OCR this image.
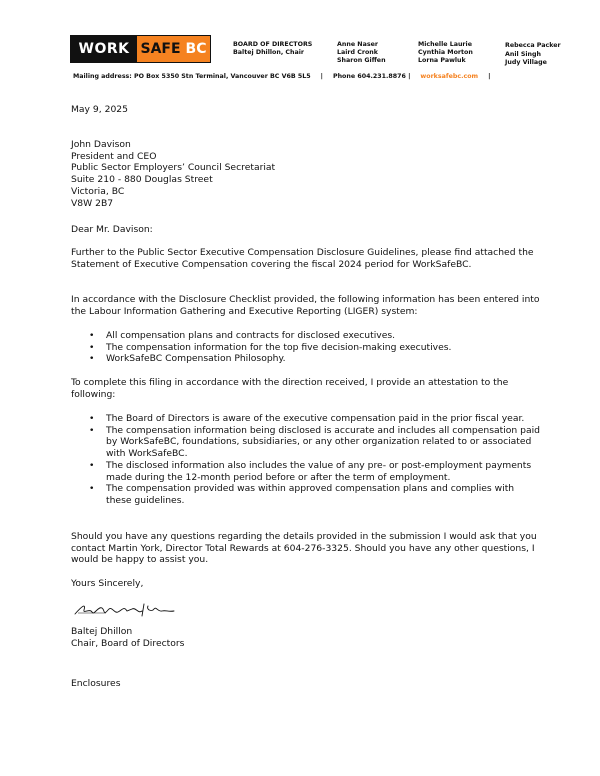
WORK SAFE BC	BOARD OF DIRECTORS
Baltej Dhillon, Chair
Anne Naser
Laird Cronk
Sharon Giffen
Michelle Laurie
Cynthia Morton
Lorna Pawluk
Rebecca Packer
Anil Singh
Judy Village
Mailing address: PO Box 5350 Stn Terminal, Vancouver BC V6B 5L5 | Phone 604.231.8876 | worksafebc.com |
May 9, 2025
John Davison
President and CEO
Public Sector Employers’ Council Secretariat
Suite 210 - 880 Douglas Street
Victoria, BC
V8W 2B7
Dear Mr. Davison:

Further to the Public Sector Executive Compensation Disclosure Guidelines, please find attached the Statement of Executive Compensation covering the fiscal 2024 period for WorkSafeBC.

In accordance with the Disclosure Checklist provided, the following information has been entered into the Labour Information Gathering and Executive Reporting (LIGER) system:

• All compensation plans and contracts for disclosed executives.
• The compensation information for the top five decision-making executives.
• WorkSafeBC Compensation Philosophy.

To complete this filing in accordance with the direction received, I provide an attestation to the following:

• The Board of Directors is aware of the executive compensation paid in the prior fiscal year.
• The compensation information being disclosed is accurate and includes all compensation paid by WorkSafeBC, foundations, subsidiaries, or any other organization related to or associated with WorkSafeBC.
• The disclosed information also includes the value of any pre- or post-employment payments made during the 12-month period before or after the term of employment.
• The compensation provided was within approved compensation plans and complies with these guidelines.

Should you have any questions regarding the details provided in the submission I would ask that you contact Martin York, Director Total Rewards at 604-276-3325. Should you have any other questions, I would be happy to assist you.

Yours Sincerely,
Baltej Dhillon
Chair, Board of Directors
Enclosures
